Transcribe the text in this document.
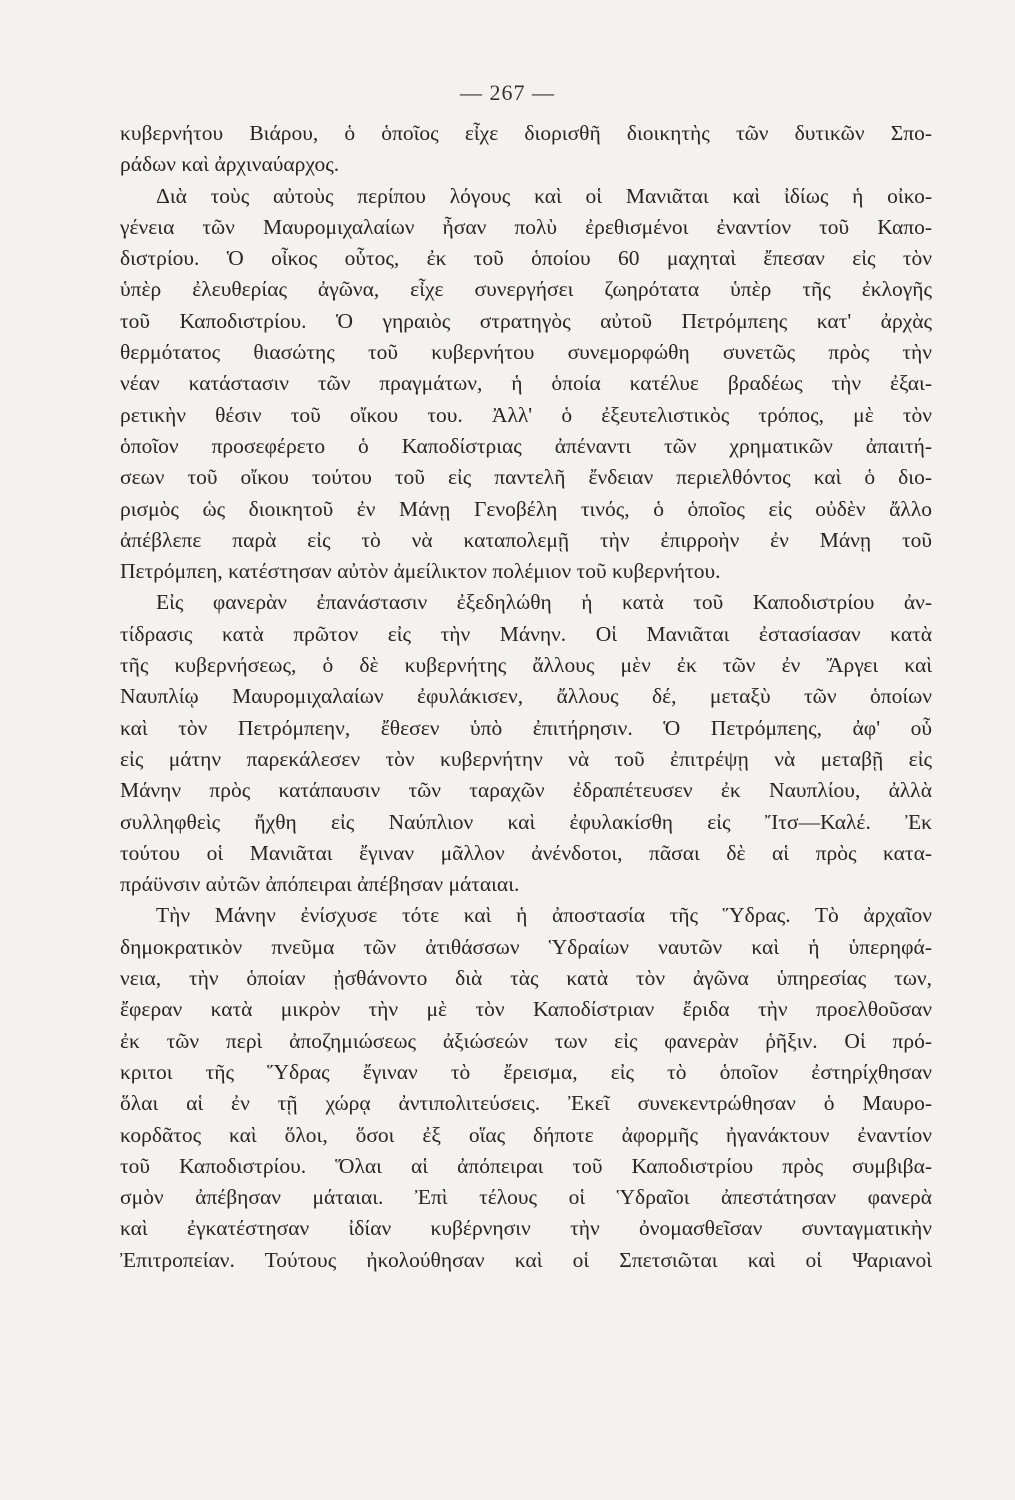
— 267 —
κυβερνήτου Βιάρου, ὁ ὁποῖος εἶχε διορισθῆ διοικητὴς τῶν δυτικῶν Σπο-
ράδων καὶ ἀρχιναύαρχος.
Διὰ τοὺς αὐτοὺς περίπου λόγους καὶ οἱ Μανιᾶται καὶ ἰδίως ἡ οἰκο-
γένεια τῶν Μαυρομιχαλαίων ἦσαν πολὺ ἐρεθισμένοι ἐναντίον τοῦ Καπο-
διστρίου. Ὁ οἶκος οὗτος, ἐκ τοῦ ὁποίου 60 μαχηταὶ ἔπεσαν εἰς τὸν
ὑπὲρ ἐλευθερίας ἀγῶνα, εἶχε συνεργήσει ζωηρότατα ὑπὲρ τῆς ἐκλογῆς
τοῦ Καποδιστρίου. Ὁ γηραιὸς στρατηγὸς αὐτοῦ Πετρόμπεης κατ' ἀρχὰς
θερμότατος θιασώτης τοῦ κυβερνήτου συνεμορφώθη συνετῶς πρὸς τὴν
νέαν κατάστασιν τῶν πραγμάτων, ἡ ὁποία κατέλυε βραδέως τὴν ἐξαι-
ρετικὴν θέσιν τοῦ οἴκου του. Ἀλλ' ὁ ἐξευτελιστικὸς τρόπος, μὲ τὸν
ὁποῖον προσεφέρετο ὁ Καποδίστριας ἀπέναντι τῶν χρηματικῶν ἀπαιτή-
σεων τοῦ οἴκου τούτου τοῦ εἰς παντελῆ ἔνδειαν περιελθόντος καὶ ὁ διο-
ρισμὸς ὡς διοικητοῦ ἐν Μάνῃ Γενοβέλη τινός, ὁ ὁποῖος εἰς οὐδὲν ἄλλο
ἀπέβλεπε παρὰ εἰς τὸ νὰ καταπολεμῇ τὴν ἐπιρροὴν ἐν Μάνῃ τοῦ
Πετρόμπεη, κατέστησαν αὐτὸν ἀμείλικτον πολέμιον τοῦ κυβερνήτου.
Εἰς φανερὰν ἐπανάστασιν ἐξεδηλώθη ἡ κατὰ τοῦ Καποδιστρίου ἀν-
τίδρασις κατὰ πρῶτον εἰς τὴν Μάνην. Οἱ Μανιᾶται ἐστασίασαν κατὰ
τῆς κυβερνήσεως, ὁ δὲ κυβερνήτης ἄλλους μὲν ἐκ τῶν ἐν Ἄργει καὶ
Ναυπλίῳ Μαυρομιχαλαίων ἐφυλάκισεν, ἄλλους δέ, μεταξὺ τῶν ὁποίων
καὶ τὸν Πετρόμπεην, ἔθεσεν ὑπὸ ἐπιτήρησιν. Ὁ Πετρόμπεης, ἀφ' οὗ
εἰς μάτην παρεκάλεσεν τὸν κυβερνήτην νὰ τοῦ ἐπιτρέψῃ νὰ μεταβῇ εἰς
Μάνην πρὸς κατάπαυσιν τῶν ταραχῶν ἐδραπέτευσεν ἐκ Ναυπλίου, ἀλλὰ
συλληφθεὶς ἤχθη εἰς Ναύπλιον καὶ ἐφυλακίσθη εἰς Ἴτσ—Καλέ. Ἐκ
τούτου οἱ Μανιᾶται ἔγιναν μᾶλλον ἀνένδοτοι, πᾶσαι δὲ αἱ πρὸς κατα-
πράϋνσιν αὐτῶν ἀπόπειραι ἀπέβησαν μάταιαι.
Τὴν Μάνην ἐνίσχυσε τότε καὶ ἡ ἀποστασία τῆς Ὕδρας. Τὸ ἀρχαῖον
δημοκρατικὸν πνεῦμα τῶν ἀτιθάσσων Ὑδραίων ναυτῶν καὶ ἡ ὑπερηφά-
νεια, τὴν ὁποίαν ᾐσθάνοντο διὰ τὰς κατὰ τὸν ἀγῶνα ὑπηρεσίας των,
ἔφεραν κατὰ μικρὸν τὴν μὲ τὸν Καποδίστριαν ἔριδα τὴν προελθοῦσαν
ἐκ τῶν περὶ ἀποζημιώσεως ἀξιώσεών των εἰς φανερὰν ῥῆξιν. Οἱ πρό-
κριτοι τῆς Ὕδρας ἔγιναν τὸ ἔρεισμα, εἰς τὸ ὁποῖον ἐστηρίχθησαν
ὅλαι αἱ ἐν τῇ χώρᾳ ἀντιπολιτεύσεις. Ἐκεῖ συνεκεντρώθησαν ὁ Μαυρο-
κορδᾶτος καὶ ὅλοι, ὅσοι ἐξ οἵας δήποτε ἀφορμῆς ἠγανάκτουν ἐναντίον
τοῦ Καποδιστρίου. Ὅλαι αἱ ἀπόπειραι τοῦ Καποδιστρίου πρὸς συμβιβα-
σμὸν ἀπέβησαν μάταιαι. Ἐπὶ τέλους οἱ Ὑδραῖοι ἀπεστάτησαν φανερὰ
καὶ ἐγκατέστησαν ἰδίαν κυβέρνησιν τὴν ὀνομασθεῖσαν συνταγματικὴν
Ἐπιτροπείαν. Τούτους ἠκολούθησαν καὶ οἱ Σπετσιῶται καὶ οἱ Ψαριανοὶ
